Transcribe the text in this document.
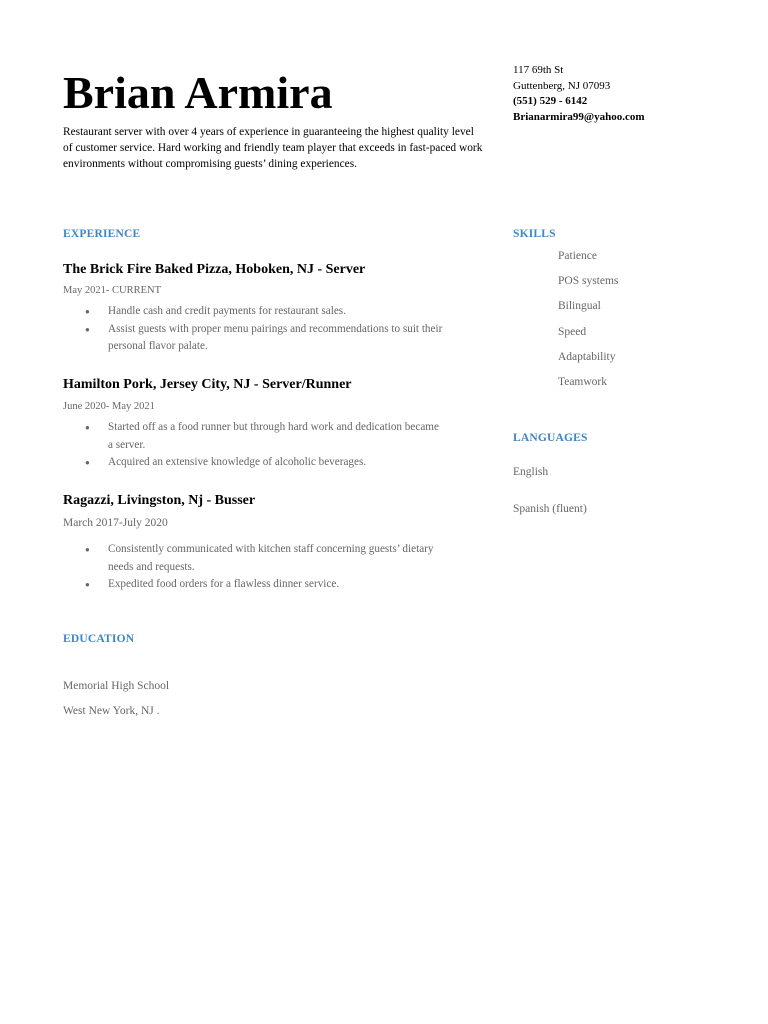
Brian Armira
Restaurant server with over 4 years of experience in guaranteeing the highest quality level of customer service. Hard working and friendly team player that exceeds in fast-paced work environments without compromising guests’ dining experiences.
117 69th St
Guttenberg, NJ 07093
(551) 529 - 6142
Brianarmira99@yahoo.com
EXPERIENCE
The Brick Fire Baked Pizza, Hoboken, NJ - Server
May 2021- CURRENT
● Handle cash and credit payments for restaurant sales.
● Assist guests with proper menu pairings and recommendations to suit their personal flavor palate.
Hamilton Pork, Jersey City, NJ - Server/Runner
June 2020- May 2021
● Started off as a food runner but through hard work and dedication became a server.
● Acquired an extensive knowledge of alcoholic beverages.
Ragazzi, Livingston, Nj - Busser
March 2017-July 2020
● Consistently communicated with kitchen staff concerning guests’ dietary needs and requests.
● Expedited food orders for a flawless dinner service.
EDUCATION
Memorial High School
West New York, NJ .
SKILLS
Patience
POS systems
Bilingual
Speed
Adaptability
Teamwork
LANGUAGES
English
Spanish (fluent)
